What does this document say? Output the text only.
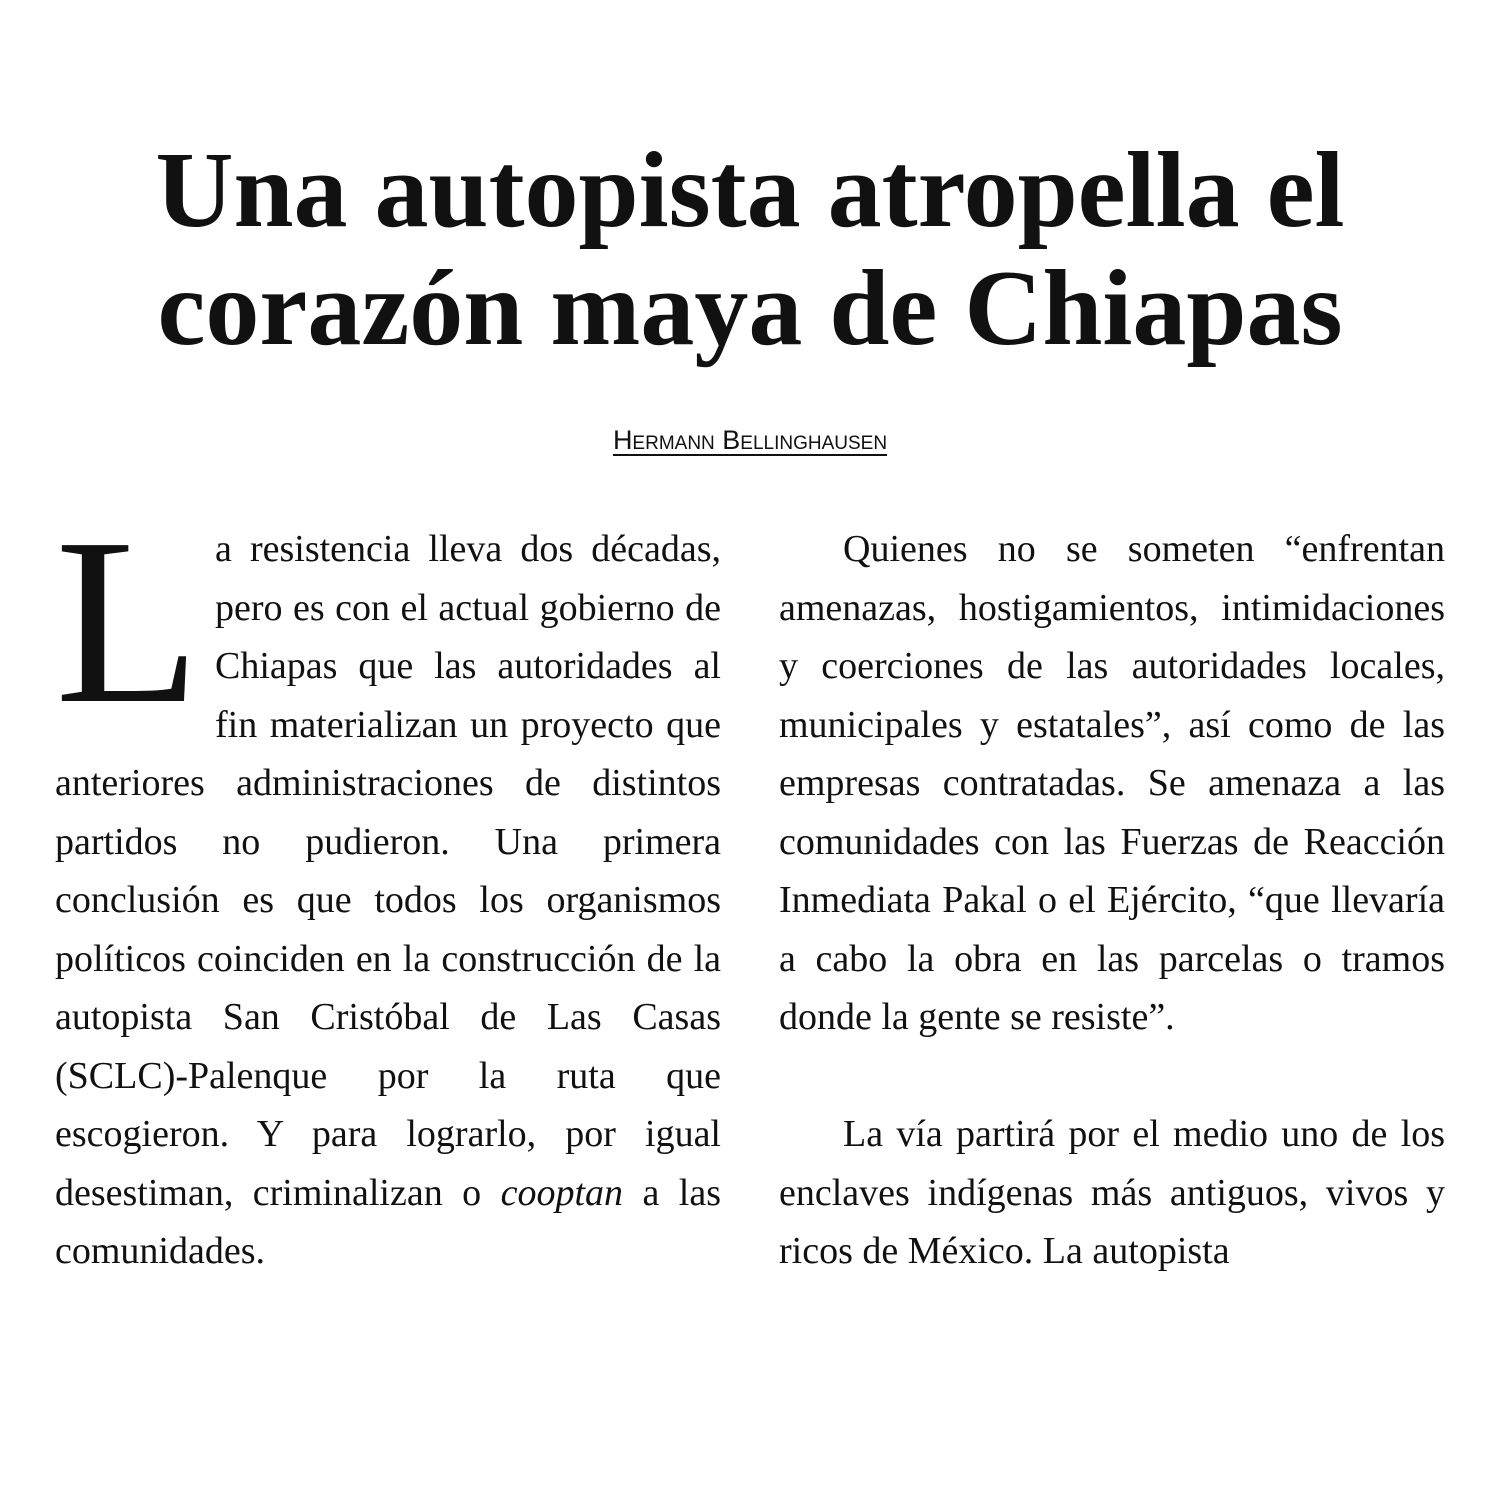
Una autopista atropella el
corazón maya de Chiapas
Hermann Bellinghausen

La resistencia lleva dos décadas, pero es con el actual gobierno de Chiapas que las autoridades al fin materializan un proyecto que anteriores administraciones de distintos partidos no pudieron. Una primera conclusión es que todos los organismos políticos coinciden en la construcción de la autopista San Cristóbal de Las Casas (SCLC)-Palenque por la ruta que escogieron. Y para lograrlo, por igual desestiman, criminalizan o cooptan a las comunidades.

Quienes no se someten “enfrentan amenazas, hostigamientos, intimidaciones y coerciones de las autoridades locales, municipales y estatales”, así como de las empresas contratadas. Se amenaza a las comunidades con las Fuerzas de Reacción Inmediata Pakal o el Ejército, “que llevaría a cabo la obra en las parcelas o tramos donde la gente se resiste”.

La vía partirá por el medio uno de los enclaves indígenas más antiguos, vivos y ricos de México. La autopista
